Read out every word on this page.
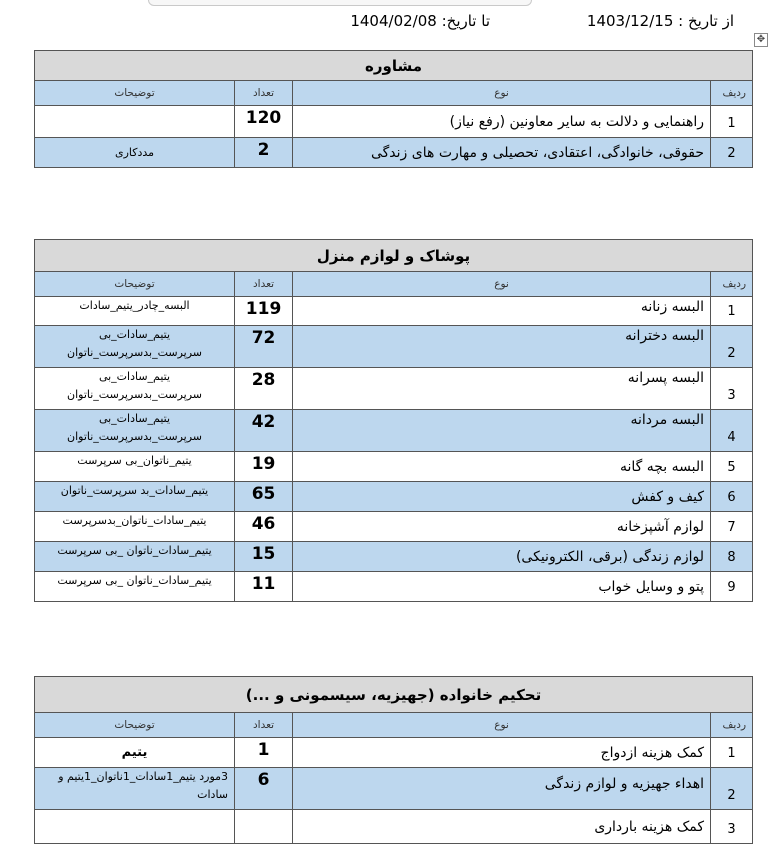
از تاریخ : 1403/12/15
تا تاریخ: 1404/02/08
✥
مشاوره			
ردیف	نوع	تعداد	توضیحات
1	راهنمایی و دلالت به سایر معاونین (رفع نیاز)	120	
2	حقوقی، خانوادگی، اعتقادی، تحصیلی و مهارت های زندگی	2	مددکاری
پوشاک و لوازم منزل			
ردیف	نوع	تعداد	توضیحات
1	البسه زنانه	119	البسه_چادر_یتیم_سادات
2	البسه دخترانه	72	یتیم_سادات_بی سرپرست_بدسرپرست_ناتوان
3	البسه پسرانه	28	یتیم_سادات_بی سرپرست_بدسرپرست_ناتوان
4	البسه مردانه	42	یتیم_سادات_بی سرپرست_بدسرپرست_ناتوان
5	البسه بچه گانه	19	یتیم_ناتوان_بی سرپرست
6	کیف و کفش	65	یتیم_سادات_بد سرپرست_ناتوان
7	لوازم آشپزخانه	46	یتیم_سادات_ناتوان_بدسرپرست
8	لوازم زندگی (برقی، الکترونیکی)	15	یتیم_سادات_ناتوان _بی سرپرست
9	پتو و وسایل خواب	11	یتیم_سادات_ناتوان _بی سرپرست
تحکیم خانواده (جهیزیه، سیسمونی و ...)			
ردیف	نوع	تعداد	توضیحات
1	کمک هزینه ازدواج	1	یتیم
2	اهداء جهیزیه و لوازم زندگی	6	3مورد یتیم_1سادات_1ناتوان_1یتیم و سادات
3	کمک هزینه بارداری		
